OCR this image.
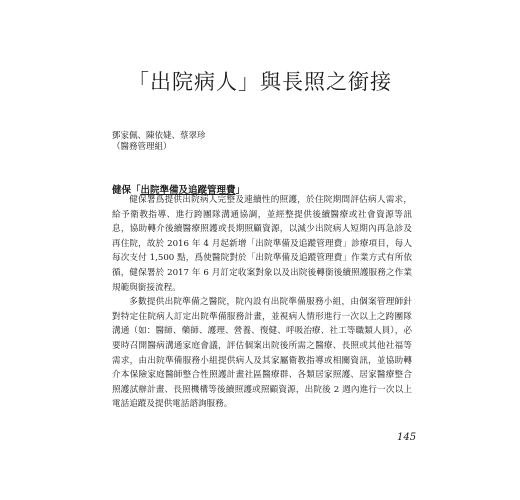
「出院病人」與長照之銜接
鄧家佩、陳依婕、蔡翠珍
（醫務管理組）
健保「出院準備及追蹤管理費」

健保署爲提供出院病人完整及連續性的照護，於住院期間評估病人需求，給予衛教指導、進行跨團隊溝通協調，並經整提供後續醫療或社會資源等訊息，協助轉介後續醫療照護或長期照顧資源，以減少出院病人短期內再急診及再住院，故於 2016 年 4 月起新增「出院準備及追蹤管理費」診療項目，每人每次支付 1,500 點，爲使醫院對於「出院準備及追蹤管理費」作業方式有所依循，健保署於 2017 年 6 月訂定收案對象以及出院後轉銜後續照護服務之作業規範與銜接流程。

多數提供出院準備之醫院，院內設有出院準備服務小組，由個案管理師針對特定住院病人訂定出院準備服務計畫，並視病人情形進行一次以上之跨團隊溝通（如：醫師、藥師、護理、營養、復健、呼吸治療、社工等職類人員），必要時召開醫病溝通家庭會議，評估個案出院後所需之醫療、長照或其他社福等需求，由出院準備服務小組提供病人及其家屬衛教指導或相關資訊，並協助轉介本保險家庭醫師整合性照護計畫社區醫療群、各類居家照護、居家醫療整合照護試辦計畫、長照機構等後續照護或照顧資源，出院後 2 週內進行一次以上電話追蹤及提供電話諮詢服務。

145
